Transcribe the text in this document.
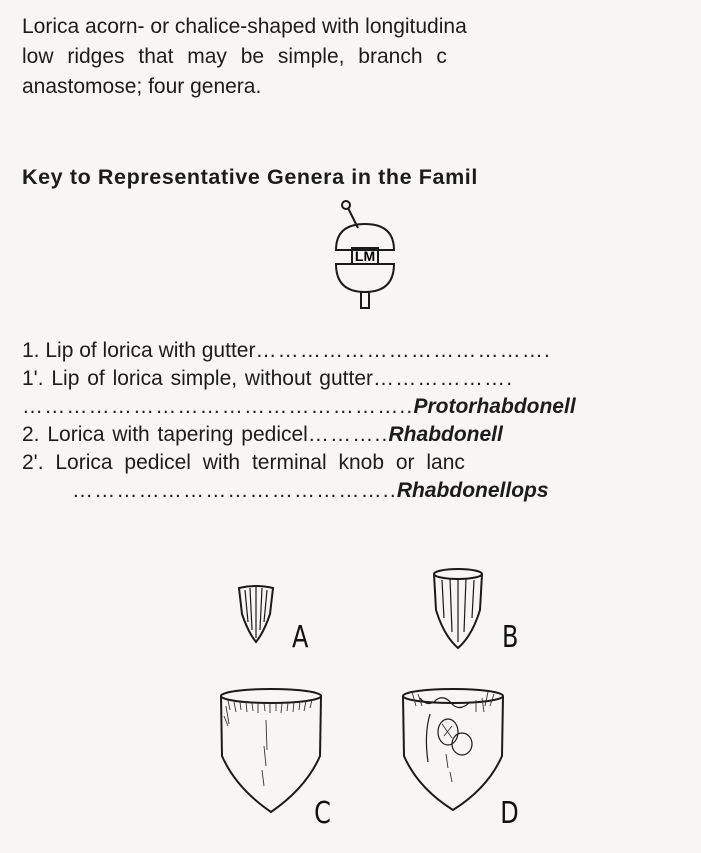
Lorica acorn- or chalice-shaped with longitudina
low ridges that may be simple, branch c
anastomose; four genera.
Key to Representative Genera in the Famil
LM
1. Lip of lorica with gutter………………………………….
1'. Lip of lorica simple, without gutter……………….
……………………………………………..Protorhabdonell
2. Lorica with tapering pedicel………..Rhabdonell
2'. Lorica pedicel with terminal knob or lanc
……………………………………..Rhabdonellops
A	B
C	D
